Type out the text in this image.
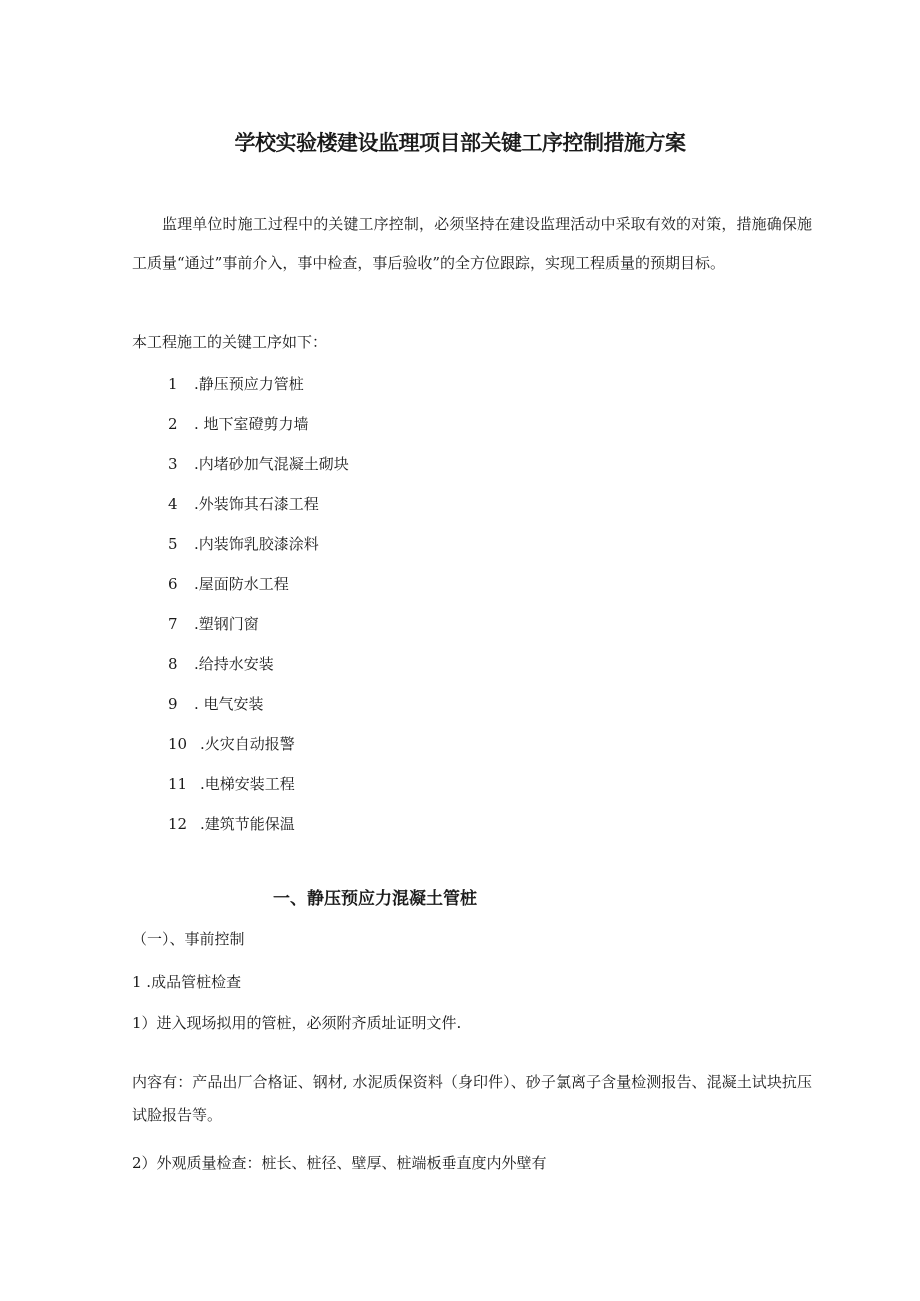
学校实验楼建设监理项目部关键工序控制措施方案

监理单位时施工过程中的关键工序控制，必须坚持在建设监理活动中采取有效的对策，措施确保施工质量“通过”事前介入，事中检查，事后验收”的全方位跟踪，实现工程质量的预期目标。

本工程施工的关键工序如下：

1 .静压预应力管桩
2 . 地下室磴剪力墙
3 .内堵砂加气混凝土砌块
4 .外装饰其石漆工程
5 .内装饰乳胶漆涂料
6 .屋面防水工程
7 .塑钢门窗
8 .给持水安装
9 . 电气安装
10 .火灾自动报警
11 .电梯安装工程
12 .建筑节能保温
一、静压预应力混凝土管桩

（一）、事前控制

1 .成品管桩检查

1）进入现场拟用的管桩，必须附齐质址证明文件.

内容有：产品出厂合格证、钢材, 水泥质保资料（身印件）、砂子氯离子含量检测报告、混凝土试块抗压试脸报告等。

2）外观质量检查：桩长、桩径、壁厚、桩端板垂直度内外壁有
